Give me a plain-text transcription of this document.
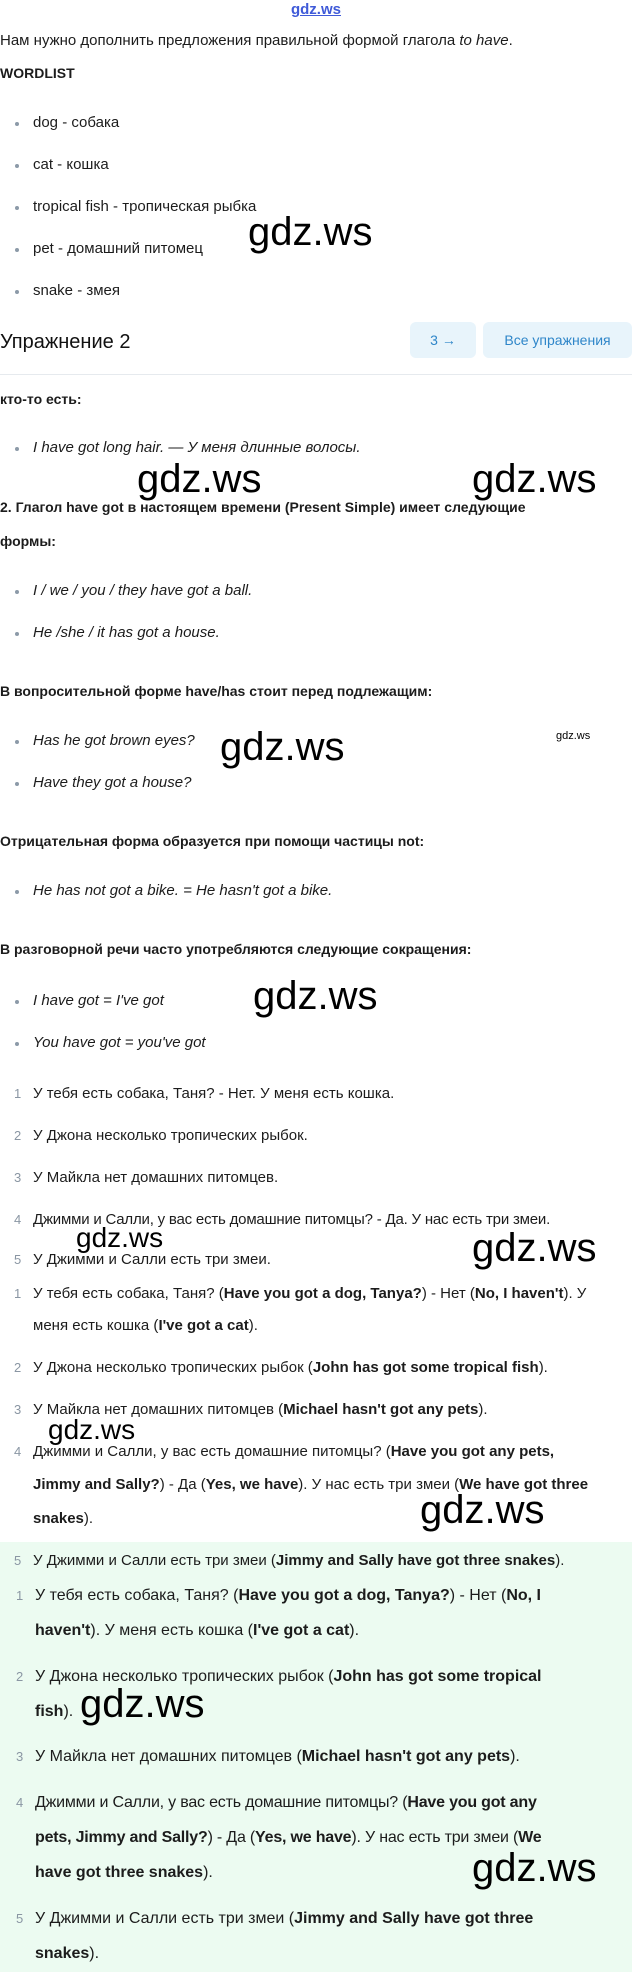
gdz.ws
Нам нужно дополнить предложения правильной формой глагола to have.
WORDLIST
dog - собака
cat - кошка
tropical fish - тропическая рыбка
pet - домашний питомец
snake - змея
Упражнение 2	3 →	Все упражнения
кто-то есть:
I have got long hair. — У меня длинные волосы.
2. Глагол have got в настоящем времени (Present Simple) имеет следующие
формы:
I / we / you / they have got a ball.
He /she / it has got a house.
В вопросительной форме have/has стоит перед подлежащим:
Has he got brown eyes?
Have they got a house?
Отрицательная форма образуется при помощи частицы not:
He has not got a bike. = He hasn't got a bike.
В разговорной речи часто употребляются следующие сокращения:
I have got = I've got
You have got = you've got
1 У тебя есть собака, Таня? - Нет. У меня есть кошка.
2 У Джона несколько тропических рыбок.
3 У Майкла нет домашних питомцев.
4 Джимми и Салли, у вас есть домашние питомцы? - Да. У нас есть три змеи.
5 У Джимми и Салли есть три змеи.
1 У тебя есть собака, Таня? (Have you got a dog, Tanya?) - Нет (No, I haven't). У
меня есть кошка (I've got a cat).
2 У Джона несколько тропических рыбок (John has got some tropical fish).
3 У Майкла нет домашних питомцев (Michael hasn't got any pets).
4 Джимми и Салли, у вас есть домашние питомцы? (Have you got any pets,
Jimmy and Sally?) - Да (Yes, we have). У нас есть три змеи (We have got three
snakes).
5 У Джимми и Салли есть три змеи (Jimmy and Sally have got three snakes).
1 У тебя есть собака, Таня? (Have you got a dog, Tanya?) - Нет (No, I
haven't). У меня есть кошка (I've got a cat).
2 У Джона несколько тропических рыбок (John has got some tropical
fish).
3 У Майкла нет домашних питомцев (Michael hasn't got any pets).
4 Джимми и Салли, у вас есть домашние питомцы? (Have you got any
pets, Jimmy and Sally?) - Да (Yes, we have). У нас есть три змеи (We
have got three snakes).
5 У Джимми и Салли есть три змеи (Jimmy and Sally have got three
snakes).
gdz.ws
gdz.ws	gdz.ws
gdz.ws	gdz.ws
gdz.ws
gdz.ws
gdz.ws
gdz.ws
gdz.ws
gdz.ws
gdz.ws
